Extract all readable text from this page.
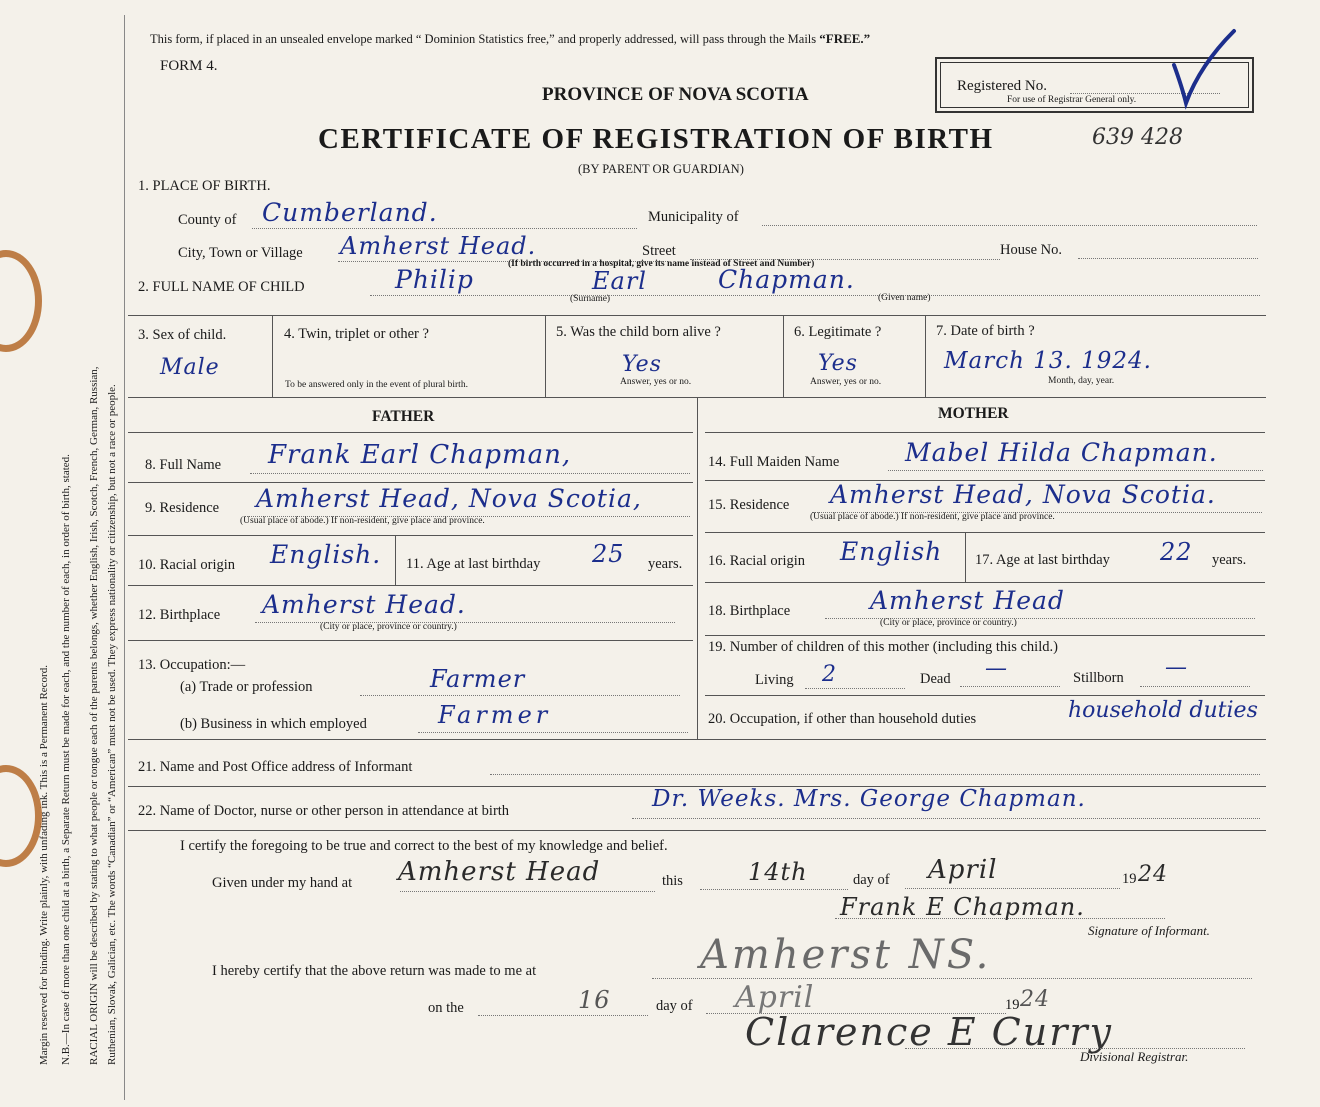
Margin reserved for binding. Write plainly, with unfading ink. This is a Permanent Record. N.B.—In case of more than one child at a birth, a Separate Return must be made for each, and the number of each, in order of birth, stated. RACIAL ORIGIN will be described by stating to what people or tongue each of the parents belongs, whether English, Irish, Scotch, French, German, Russian, Ruthenian, Slovak, Galician, etc. The words “Canadian” or “American” must not be used. They express nationality or citizenship, but not a race or people.
This form, if placed in an unsealed envelope marked “ Dominion Statistics free,” and properly addressed, will pass through the Mails “FREE.”
FORM 4.
PROVINCE OF NOVA SCOTIA
CERTIFICATE OF REGISTRATION OF BIRTH
(BY PARENT OR GUARDIAN)
Registered No.
For use of Registrar General only.
639 428
1. PLACE OF BIRTH.
County of Cumberland.	Municipality of
City, Town or Village Amherst Head.	Street
(If birth occurred in a hospital, give its name instead of Street and Number)
House No.
2. FULL NAME OF CHILD	Philip	Earl	Chapman.
(Surname)	(Given name)
3. Sex of child.
Male
4. Twin, triplet or other ?
To be answered only in the event of plural birth.
5. Was the child born alive ?
Yes
Answer, yes or no.
6. Legitimate ?
Yes
Answer, yes or no.
7. Date of birth ?
March 13. 1924.
Month, day, year.
FATHER	MOTHER
8. Full Name Frank Earl Chapman,
9. Residence Amherst Head, Nova Scotia,
(Usual place of abode.) If non-resident, give place and province.
10. Racial origin English. 11. Age at last birthday 25 years.
12. Birthplace Amherst Head.
(City or place, province or country.)
13. Occupation:—
(a) Trade or profession	Farmer
(b) Business in which employed	Farmer
14. Full Maiden Name	Mabel Hilda Chapman.
15. Residence Amherst Head, Nova Scotia.
(Usual place of abode.) If non-resident, give place and province.
16. Racial origin English 17. Age at last birthday 22 years.
18. Birthplace	Amherst Head
(City or place, province or country.)
19. Number of children of this mother (including this child.)
Living 2	Dead —	Stillborn —
20. Occupation, if other than household duties	household duties
21. Name and Post Office address of Informant
22. Name of Doctor, nurse or other person in attendance at birth	Dr. Weeks. Mrs. George Chapman.
I certify the foregoing to be true and correct to the best of my knowledge and belief.
Given under my hand at Amherst Head	this	14th	day of April	19 24
Frank E Chapman.
Signature of Informant.
I hereby certify that the above return was made to me at	Amherst NS.
on the	16	day of April	19 24
Clarence E Curry
Divisional Registrar.
